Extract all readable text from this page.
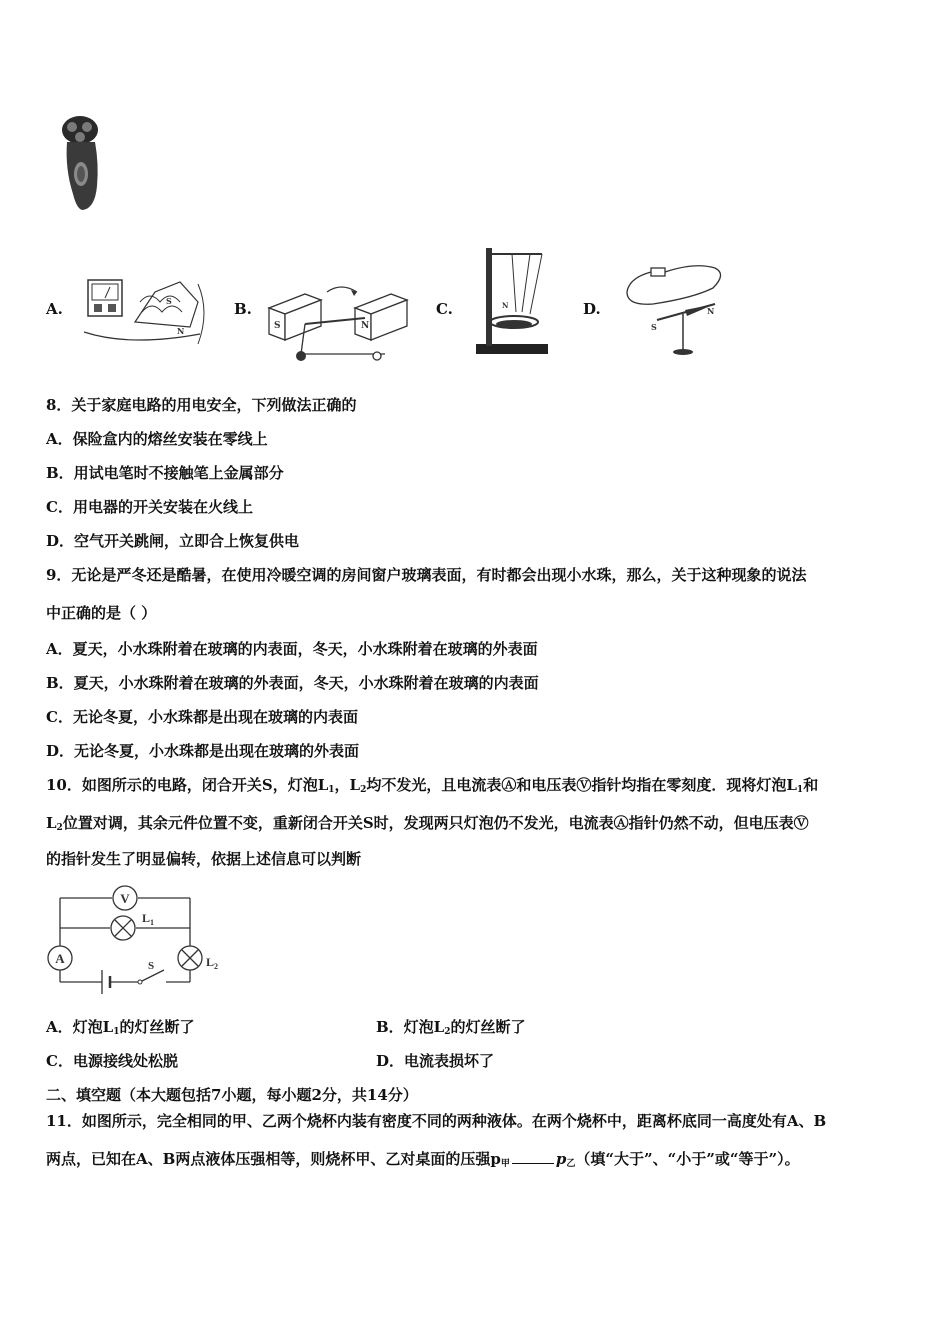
A.	S
N
B.
S	N
C.	N	D.
S
N
8．关于家庭电路的用电安全，下列做法正确的
A．保险盒内的熔丝安装在零线上
B．用试电笔时不接触笔上金属部分
C．用电器的开关安装在火线上
D．空气开关跳闸，立即合上恢复供电
9．无论是严冬还是酷暑，在使用冷暖空调的房间窗户玻璃表面，有时都会出现小水珠，那么，关于这种现象的说法
中正确的是（ ）
A．夏天，小水珠附着在玻璃的内表面，冬天，小水珠附着在玻璃的外表面
B．夏天，小水珠附着在玻璃的外表面，冬天，小水珠附着在玻璃的内表面
C．无论冬夏，小水珠都是出现在玻璃的内表面
D．无论冬夏，小水珠都是出现在玻璃的外表面
10．如图所示的电路，闭合开关S，灯泡$L_1$，$L_2$均不发光，且电流表Ⓐ和电压表Ⓥ指针均指在零刻度．现将灯泡$L_1$和
$L_2$位置对调，其余元件位置不变，重新闭合开关S时，发现两只灯泡仍不发光，电流表Ⓐ指针仍然不动，但电压表Ⓥ
的指针发生了明显偏转，依据上述信息可以判断
V
$L_1$
A	$L_2$
S
A．灯泡$L_1$的灯丝断了	B．灯泡$L_2$的灯丝断了
C．电源接线处松脱	D．电流表损坏了
二、填空题（本大题包括7小题，每小题2分，共14分）
11．如图所示，完全相同的甲、乙两个烧杯内装有密度不同的两种液体。在两个烧杯中，距离杯底同一高度处有A、B
两点，已知在A、B两点液体压强相等，则烧杯甲、乙对桌面的压强$p_甲$	$p_乙$（填“大于”、“小于”或“等于”）。
